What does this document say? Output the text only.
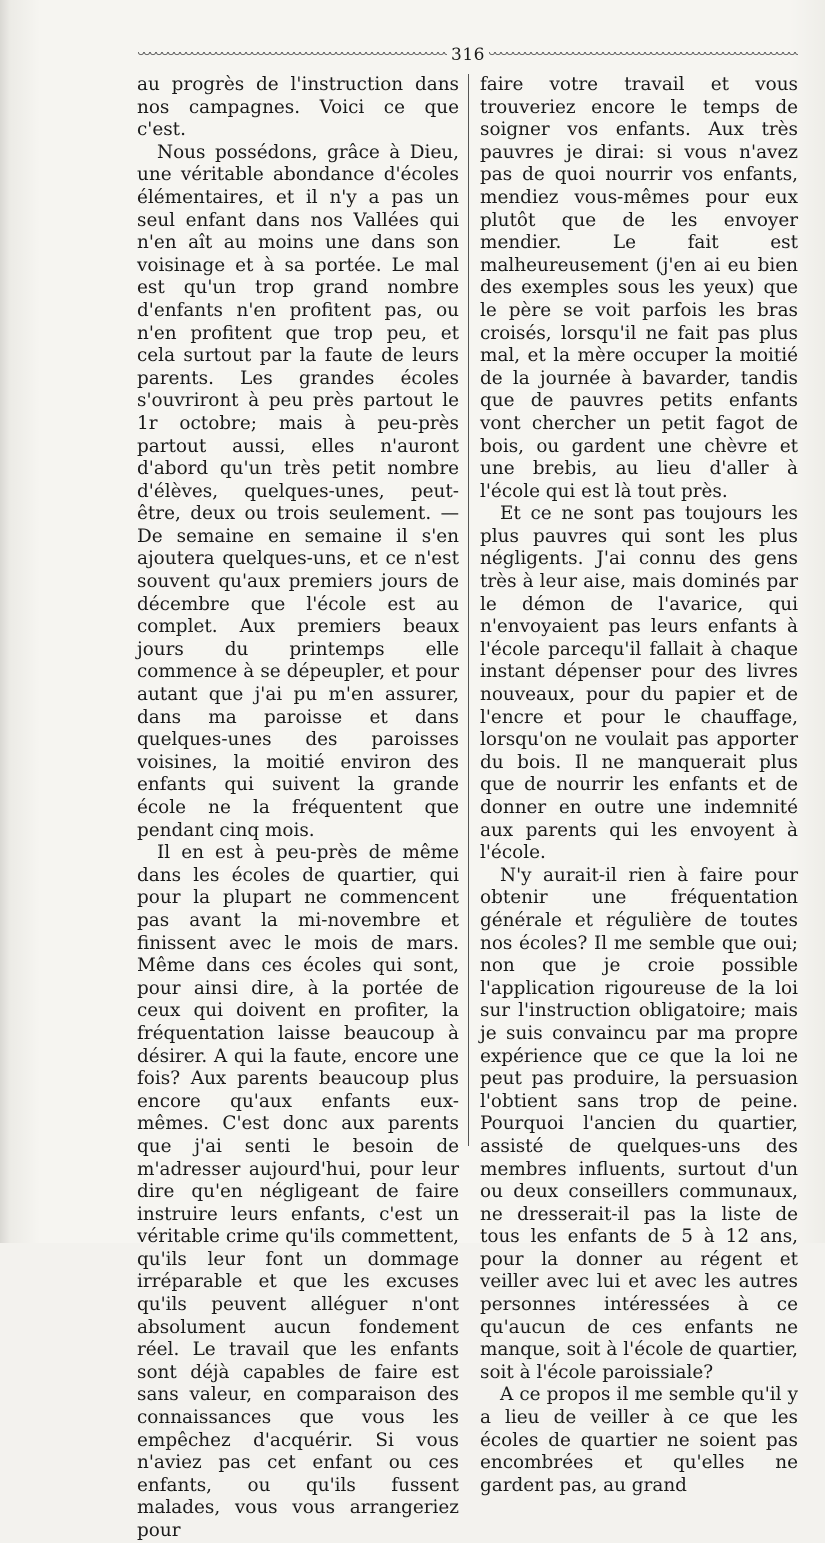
316

au progrès de l'instruction dans nos campagnes. Voici ce que c'est.

Nous possédons, grâce à Dieu, une véritable abondance d'écoles élémentaires, et il n'y a pas un seul enfant dans nos Vallées qui n'en aît au moins une dans son voisinage et à sa portée. Le mal est qu'un trop grand nombre d'enfants n'en profitent pas, ou n'en profitent que trop peu, et cela surtout par la faute de leurs parents. Les grandes écoles s'ouvriront à peu près partout le 1r octobre; mais à peu-près partout aussi, elles n'auront d'abord qu'un très petit nombre d'élèves, quelques-unes, peut-être, deux ou trois seulement. — De semaine en semaine il s'en ajoutera quelques-uns, et ce n'est souvent qu'aux premiers jours de décembre que l'école est au complet. Aux premiers beaux jours du printemps elle commence à se dépeupler, et pour autant que j'ai pu m'en assurer, dans ma paroisse et dans quelques-unes des paroisses voisines, la moitié environ des enfants qui suivent la grande école ne la fréquentent que pendant cinq mois.

Il en est à peu-près de même dans les écoles de quartier, qui pour la plupart ne commencent pas avant la mi-novembre et finissent avec le mois de mars. Même dans ces écoles qui sont, pour ainsi dire, à la portée de ceux qui doivent en profiter, la fréquentation laisse beaucoup à désirer. A qui la faute, encore une fois? Aux parents beaucoup plus encore qu'aux enfants eux-mêmes. C'est donc aux parents que j'ai senti le besoin de m'adresser aujourd'hui, pour leur dire qu'en négligeant de faire instruire leurs enfants, c'est un véritable crime qu'ils commettent, qu'ils leur font un dommage irréparable et que les excuses qu'ils peuvent alléguer n'ont absolument aucun fondement réel. Le travail que les enfants sont déjà capables de faire est sans valeur, en comparaison des connaissances que vous les empêchez d'acquérir. Si vous n'aviez pas cet enfant ou ces enfants, ou qu'ils fussent malades, vous vous arrangeriez pour

faire votre travail et vous trouveriez encore le temps de soigner vos enfants. Aux très pauvres je dirai: si vous n'avez pas de quoi nourrir vos enfants, mendiez vous-mêmes pour eux plutôt que de les envoyer mendier. Le fait est malheureusement (j'en ai eu bien des exemples sous les yeux) que le père se voit parfois les bras croisés, lorsqu'il ne fait pas plus mal, et la mère occuper la moitié de la journée à bavarder, tandis que de pauvres petits enfants vont chercher un petit fagot de bois, ou gardent une chèvre et une brebis, au lieu d'aller à l'école qui est là tout près.

Et ce ne sont pas toujours les plus pauvres qui sont les plus négligents. J'ai connu des gens très à leur aise, mais dominés par le démon de l'avarice, qui n'envoyaient pas leurs enfants à l'école parcequ'il fallait à chaque instant dépenser pour des livres nouveaux, pour du papier et de l'encre et pour le chauffage, lorsqu'on ne voulait pas apporter du bois. Il ne manquerait plus que de nourrir les enfants et de donner en outre une indemnité aux parents qui les envoyent à l'école.

N'y aurait-il rien à faire pour obtenir une fréquentation générale et régulière de toutes nos écoles? Il me semble que oui; non que je croie possible l'application rigoureuse de la loi sur l'instruction obligatoire; mais je suis convaincu par ma propre expérience que ce que la loi ne peut pas produire, la persuasion l'obtient sans trop de peine. Pourquoi l'ancien du quartier, assisté de quelques-uns des membres influents, surtout d'un ou deux conseillers communaux, ne dresserait-il pas la liste de tous les enfants de 5 à 12 ans, pour la donner au régent et veiller avec lui et avec les autres personnes intéressées à ce qu'aucun de ces enfants ne manque, soit à l'école de quartier, soit à l'école paroissiale?

A ce propos il me semble qu'il y a lieu de veiller à ce que les écoles de quartier ne soient pas encombrées et qu'elles ne gardent pas, au grand
